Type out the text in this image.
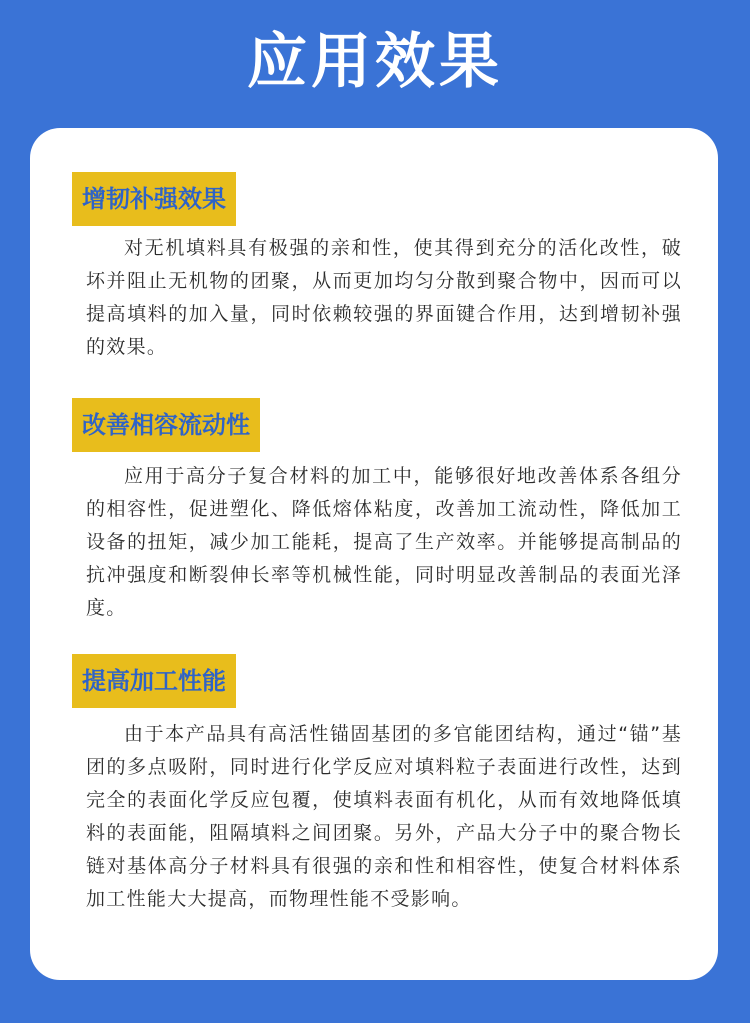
应用效果
增韧补强效果

对无机填料具有极强的亲和性，使其得到充分的活化改性，破坏并阻止无机物的团聚，从而更加均匀分散到聚合物中，因而可以提高填料的加入量，同时依赖较强的界面键合作用，达到增韧补强的效果。

改善相容流动性

应用于高分子复合材料的加工中，能够很好地改善体系各组分的相容性，促进塑化、降低熔体粘度，改善加工流动性，降低加工设备的扭矩，减少加工能耗，提高了生产效率。并能够提高制品的抗冲强度和断裂伸长率等机械性能，同时明显改善制品的表面光泽度。

提高加工性能

由于本产品具有高活性锚固基团的多官能团结构，通过“锚”基团的多点吸附，同时进行化学反应对填料粒子表面进行改性，达到完全的表面化学反应包覆，使填料表面有机化，从而有效地降低填料的表面能，阻隔填料之间团聚。另外，产品大分子中的聚合物长链对基体高分子材料具有很强的亲和性和相容性，使复合材料体系加工性能大大提高，而物理性能不受影响。
